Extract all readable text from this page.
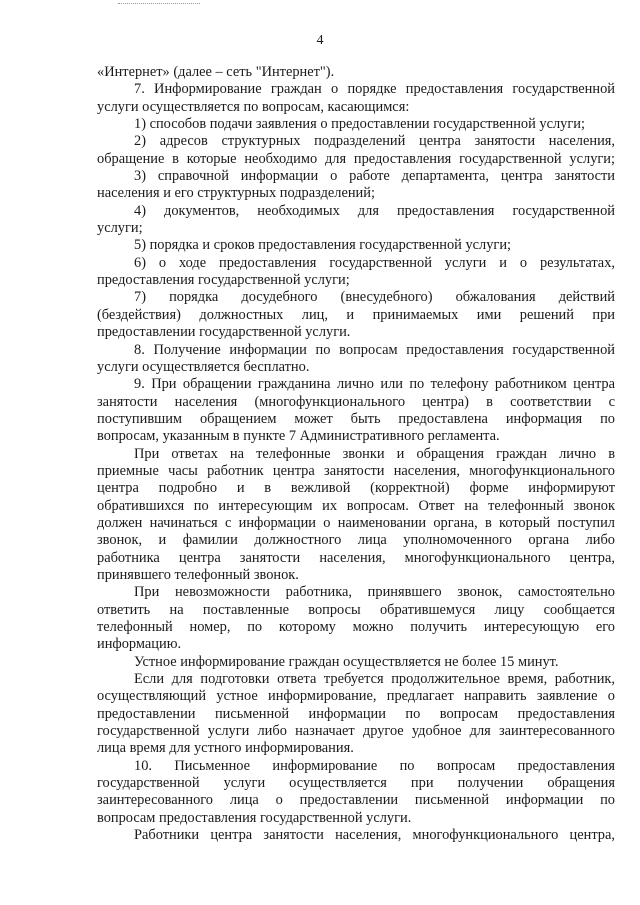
4
«Интернет» (далее – сеть "Интернет").
7. Информирование граждан о порядке предоставления государственной
услуги осуществляется по вопросам, касающимся:
1) способов подачи заявления о предоставлении государственной услуги;
2) адресов структурных подразделений центра занятости населения,
обращение в которые необходимо для предоставления государственной услуги;
3) справочной информации о работе департамента, центра занятости
населения и его структурных подразделений;
4) документов, необходимых для предоставления государственной
услуги;
5) порядка и сроков предоставления государственной услуги;
6) о ходе предоставления государственной услуги и о результатах,
предоставления государственной услуги;
7) порядка досудебного (внесудебного) обжалования действий
(бездействия) должностных лиц, и принимаемых ими решений при
предоставлении государственной услуги.
8. Получение информации по вопросам предоставления государственной
услуги осуществляется бесплатно.
9. При обращении гражданина лично или по телефону работником центра
занятости населения (многофункционального центра) в соответствии с
поступившим обращением может быть предоставлена информация по
вопросам, указанным в пункте 7 Административного регламента.
При ответах на телефонные звонки и обращения граждан лично в
приемные часы работник центра занятости населения, многофункционального
центра подробно и в вежливой (корректной) форме информируют
обратившихся по интересующим их вопросам. Ответ на телефонный звонок
должен начинаться с информации о наименовании органа, в который поступил
звонок, и фамилии должностного лица уполномоченного органа либо
работника центра занятости населения, многофункционального центра,
принявшего телефонный звонок.
При невозможности работника, принявшего звонок, самостоятельно
ответить на поставленные вопросы обратившемуся лицу сообщается
телефонный номер, по которому можно получить интересующую его
информацию.
Устное информирование граждан осуществляется не более 15 минут.
Если для подготовки ответа требуется продолжительное время, работник,
осуществляющий устное информирование, предлагает направить заявление о
предоставлении письменной информации по вопросам предоставления
государственной услуги либо назначает другое удобное для заинтересованного
лица время для устного информирования.
10. Письменное информирование по вопросам предоставления
государственной услуги осуществляется при получении обращения
заинтересованного лица о предоставлении письменной информации по
вопросам предоставления государственной услуги.
Работники центра занятости населения, многофункционального центра,
